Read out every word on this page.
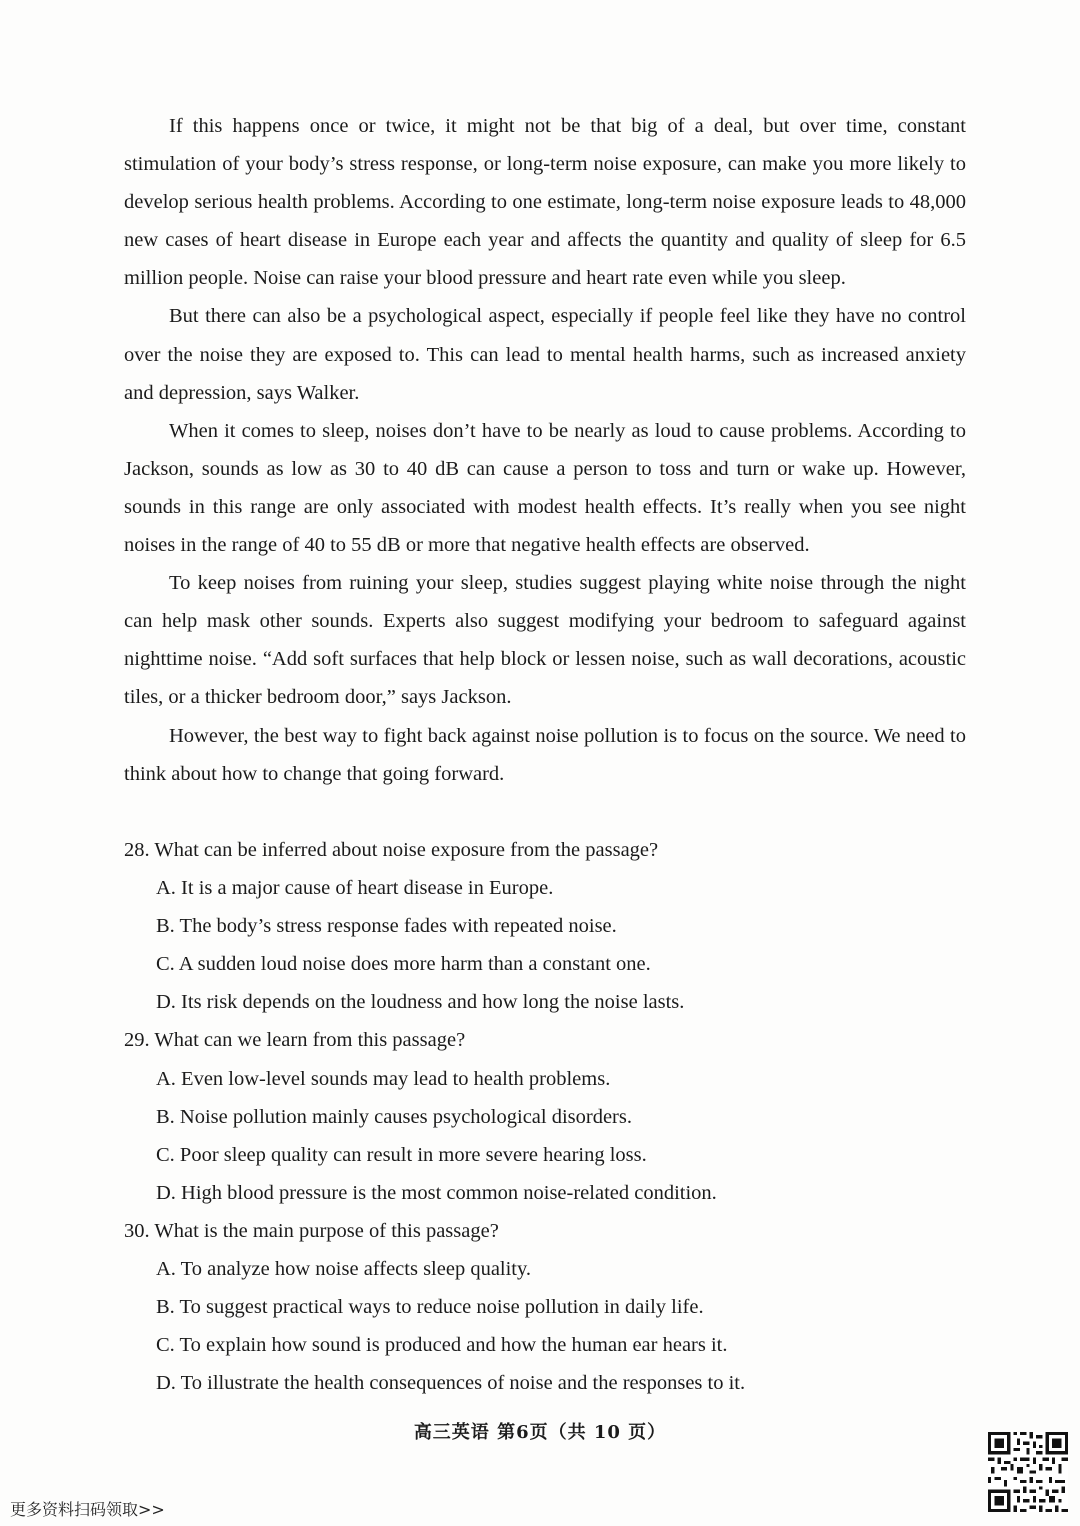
If this happens once or twice, it might not be that big of a deal, but over time, constant stimulation of your body’s stress response, or long-term noise exposure, can make you more likely to develop serious health problems. According to one estimate, long-term noise exposure leads to 48,000 new cases of heart disease in Europe each year and affects the quantity and quality of sleep for 6.5 million people. Noise can raise your blood pressure and heart rate even while you sleep.

But there can also be a psychological aspect, especially if people feel like they have no control over the noise they are exposed to. This can lead to mental health harms, such as increased anxiety and depression, says Walker.

When it comes to sleep, noises don’t have to be nearly as loud to cause problems. According to Jackson, sounds as low as 30 to 40 dB can cause a person to toss and turn or wake up. However, sounds in this range are only associated with modest health effects. It’s really when you see night noises in the range of 40 to 55 dB or more that negative health effects are observed.

To keep noises from ruining your sleep, studies suggest playing white noise through the night can help mask other sounds. Experts also suggest modifying your bedroom to safeguard against nighttime noise. “Add soft surfaces that help block or lessen noise, such as wall decorations, acoustic tiles, or a thicker bedroom door,” says Jackson.

However, the best way to fight back against noise pollution is to focus on the source. We need to think about how to change that going forward.

28. What can be inferred about noise exposure from the passage?

A. It is a major cause of heart disease in Europe.

B. The body’s stress response fades with repeated noise.

C. A sudden loud noise does more harm than a constant one.

D. Its risk depends on the loudness and how long the noise lasts.

29. What can we learn from this passage?

A. Even low-level sounds may lead to health problems.

B. Noise pollution mainly causes psychological disorders.

C. Poor sleep quality can result in more severe hearing loss.

D. High blood pressure is the most common noise-related condition.

30. What is the main purpose of this passage?

A. To analyze how noise affects sleep quality.

B. To suggest practical ways to reduce noise pollution in daily life.

C. To explain how sound is produced and how the human ear hears it.

D. To illustrate the health consequences of noise and the responses to it.

高三英语 第6页（共 10 页）
更多资料扫码领取>>
